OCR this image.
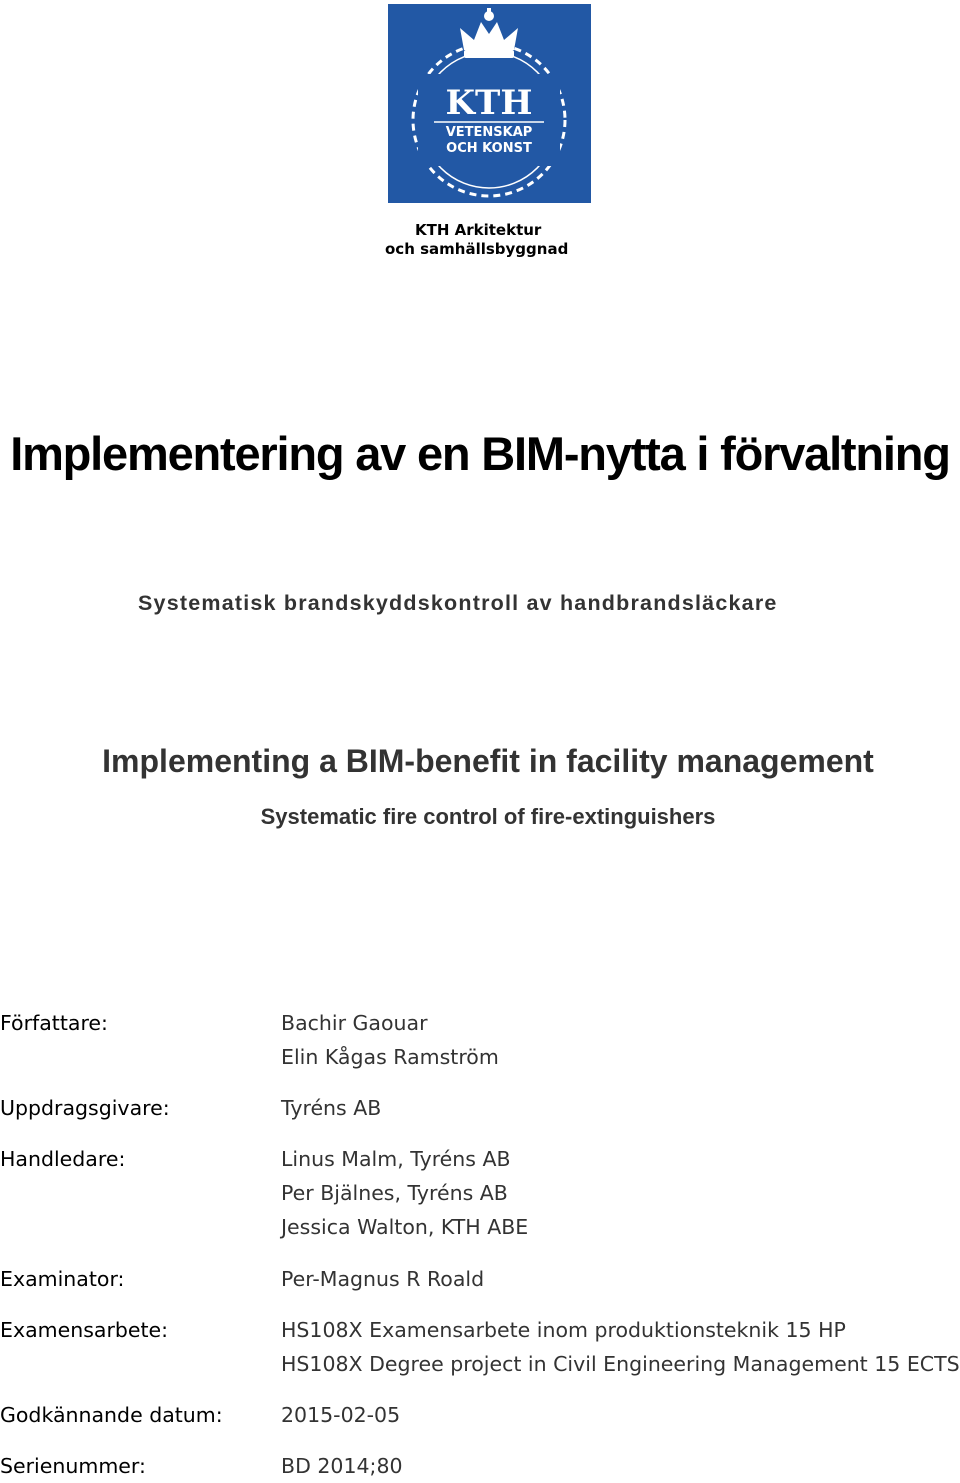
KTH
VETENSKAP
OCH KONST
KTH Arkitektur
och samhällsbyggnad
Implementering av en BIM-nytta i förvaltning
Systematisk brandskyddskontroll av handbrandsläckare
Implementing a BIM-benefit in facility management
Systematic fire control of fire-extinguishers
Författare:	Bachir Gaouar
Elin Kågas Ramström
Uppdragsgivare:	Tyréns AB
Handledare:	Linus Malm, Tyréns AB
Per Bjälnes, Tyréns AB
Jessica Walton, KTH ABE
Examinator:	Per-Magnus R Roald
Examensarbete:	HS108X Examensarbete inom produktionsteknik 15 HP
HS108X Degree project in Civil Engineering Management 15 ECTS
Godkännande datum:	2015-02-05
Serienummer:	BD 2014;80
